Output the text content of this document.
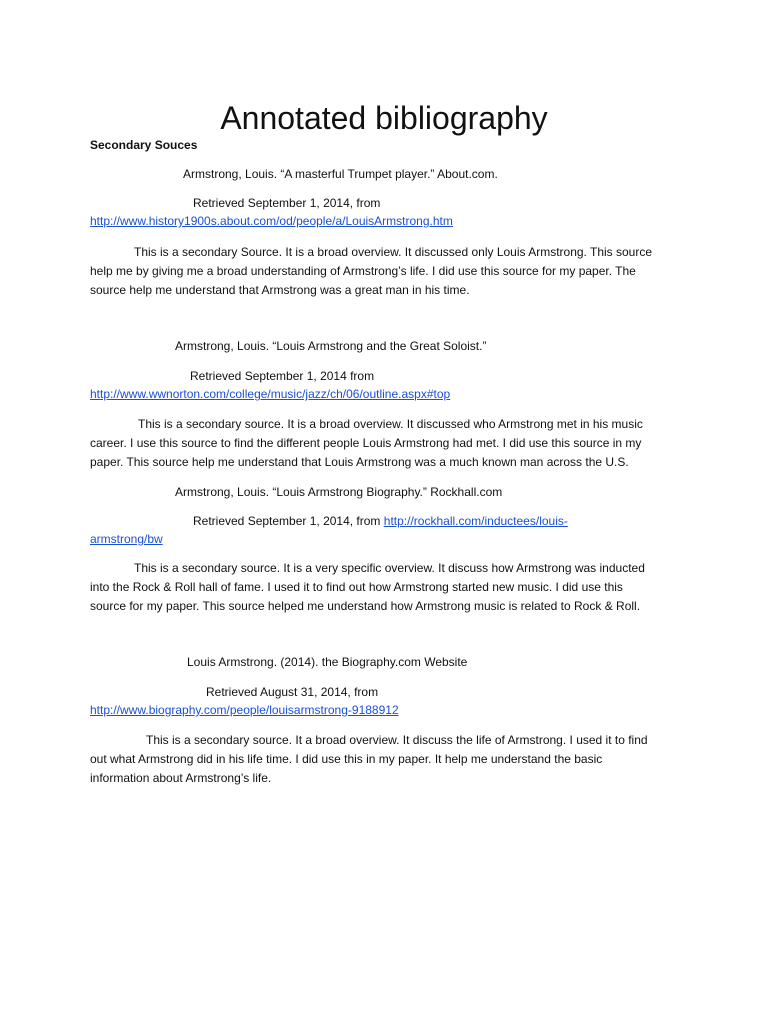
Annotated bibliography
Secondary Souces
Armstrong, Louis. “A masterful Trumpet player.” About.com.
Retrieved September 1, 2014, from
http://www.history1900s.about.com/od/people/a/LouisArmstrong.htm
This is a secondary Source. It is a broad overview. It discussed only Louis Armstrong. This source help me by giving me a broad understanding of Armstrong’s life. I did use this source for my paper. The source help me understand that Armstrong was a great man in his time.
Armstrong, Louis. “Louis Armstrong and the Great Soloist.”
Retrieved September 1, 2014 from
http://www.wwnorton.com/college/music/jazz/ch/06/outline.aspx#top
This is a secondary source. It is a broad overview. It discussed who Armstrong met in his music career. I use this source to find the different people Louis Armstrong had met. I did use this source in my paper. This source help me understand that Louis Armstrong was a much known man across the U.S.
Armstrong, Louis. “Louis Armstrong Biography.” Rockhall.com
Retrieved September 1, 2014, from http://rockhall.com/inductees/louis-
armstrong/bw
This is a secondary source. It is a very specific overview. It discuss how Armstrong was inducted into the Rock & Roll hall of fame. I used it to find out how Armstrong started new music. I did use this source for my paper. This source helped me understand how Armstrong music is related to Rock & Roll.
Louis Armstrong. (2014). the Biography.com Website
Retrieved August 31, 2014, from
http://www.biography.com/people/louisarmstrong-9188912
This is a secondary source. It a broad overview. It discuss the life of Armstrong. I used it to find out what Armstrong did in his life time. I did use this in my paper. It help me understand the basic information about Armstrong’s life.
